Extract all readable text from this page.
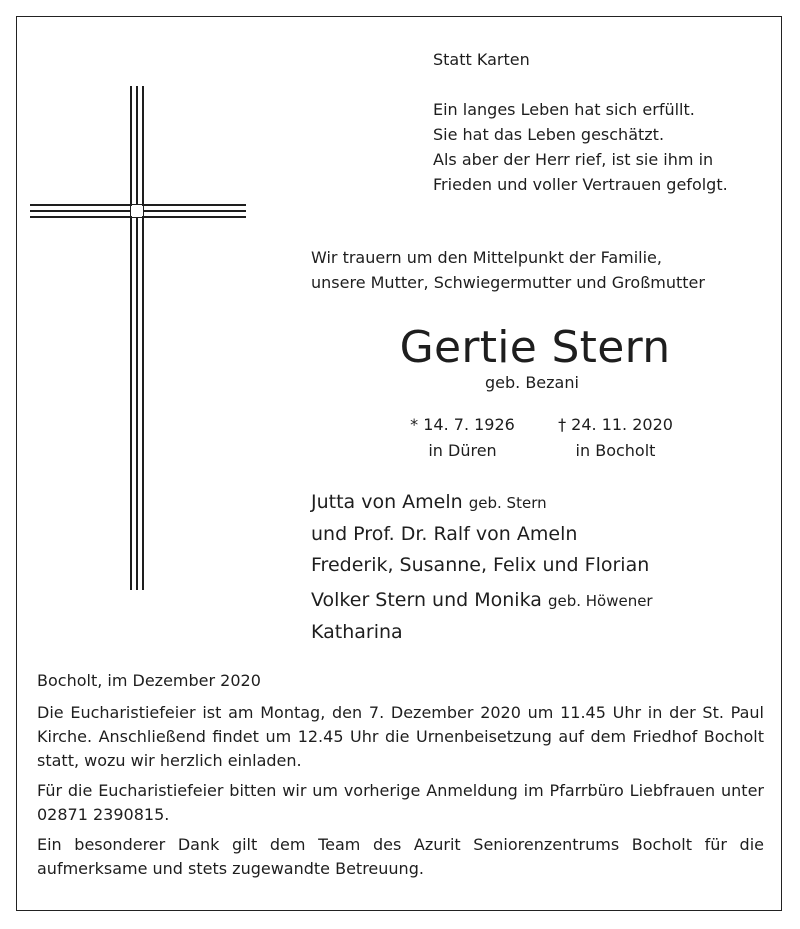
Statt Karten
Ein langes Leben hat sich erfüllt.
Sie hat das Leben geschätzt.
Als aber der Herr rief, ist sie ihm in
Frieden und voller Vertrauen gefolgt.
Wir trauern um den Mittelpunkt der Familie,
unsere Mutter, Schwiegermutter und Großmutter
Gertie Stern
geb. Bezani
* 14. 7. 1926
in Düren
† 24. 11. 2020
in Bocholt
Jutta von Ameln geb. Stern
und Prof. Dr. Ralf von Ameln
Frederik, Susanne, Felix und Florian
Volker Stern und Monika geb. Höwener
Katharina

Bocholt, im Dezember 2020

Die Eucharistiefeier ist am Montag, den 7. Dezember 2020 um 11.45 Uhr in der St. Paul Kirche. Anschließend findet um 12.45 Uhr die Urnenbeisetzung auf dem Friedhof Bocholt statt, wozu wir herzlich einladen.

Für die Eucharistiefeier bitten wir um vorherige Anmeldung im Pfarrbüro Liebfrauen unter 02871 2390815.

Ein besonderer Dank gilt dem Team des Azurit Seniorenzentrums Bocholt für die aufmerksame und stets zugewandte Betreuung.
